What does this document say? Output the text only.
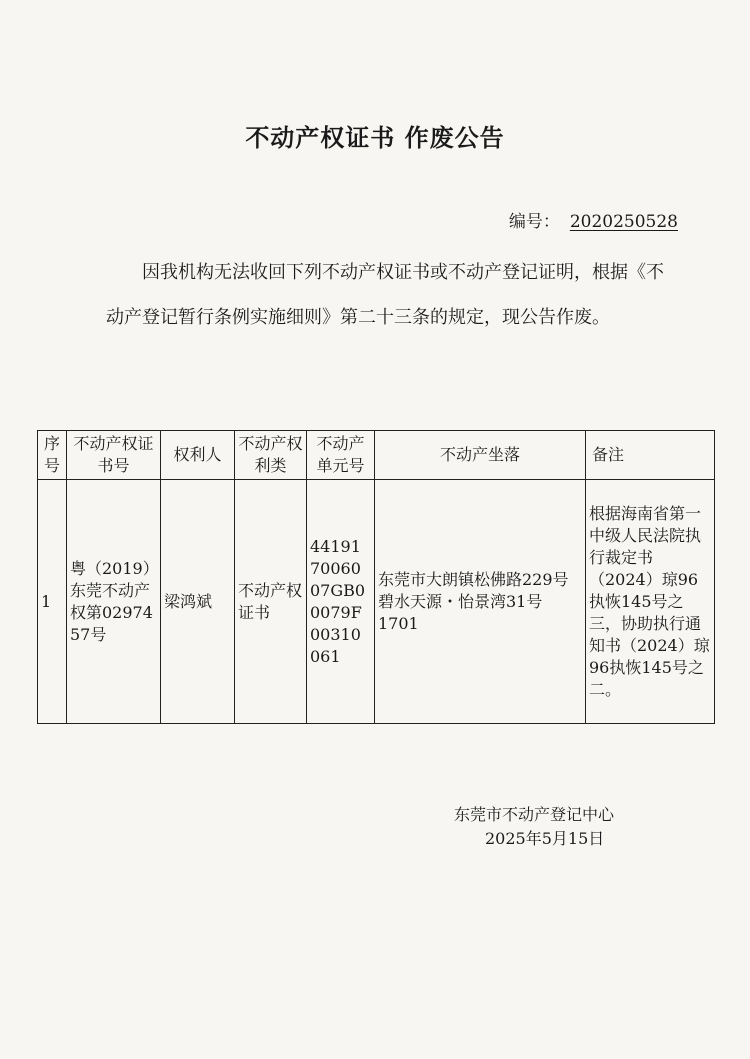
不动产权证书 作废公告
编号： 2020250528

因我机构无法收回下列不动产权证书或不动产登记证明，根据《不动产登记暂行条例实施细则》第二十三条的规定，现公告作废。

序号	不动产权证书号	权利人	不动产权利类	不动产单元号	不动产坐落	备注
1	粤（2019）东莞不动产权第0297457号	梁鸿斌	不动产权证书	441917006007GB00079F00310061	东莞市大朗镇松佛路229号碧水天源・怡景湾31号1701	根据海南省第一中级人民法院执行裁定书（2024）琼96执恢145号之三，协助执行通知书（2024）琼96执恢145号之二。
东莞市不动产登记中心
2025年5月15日
